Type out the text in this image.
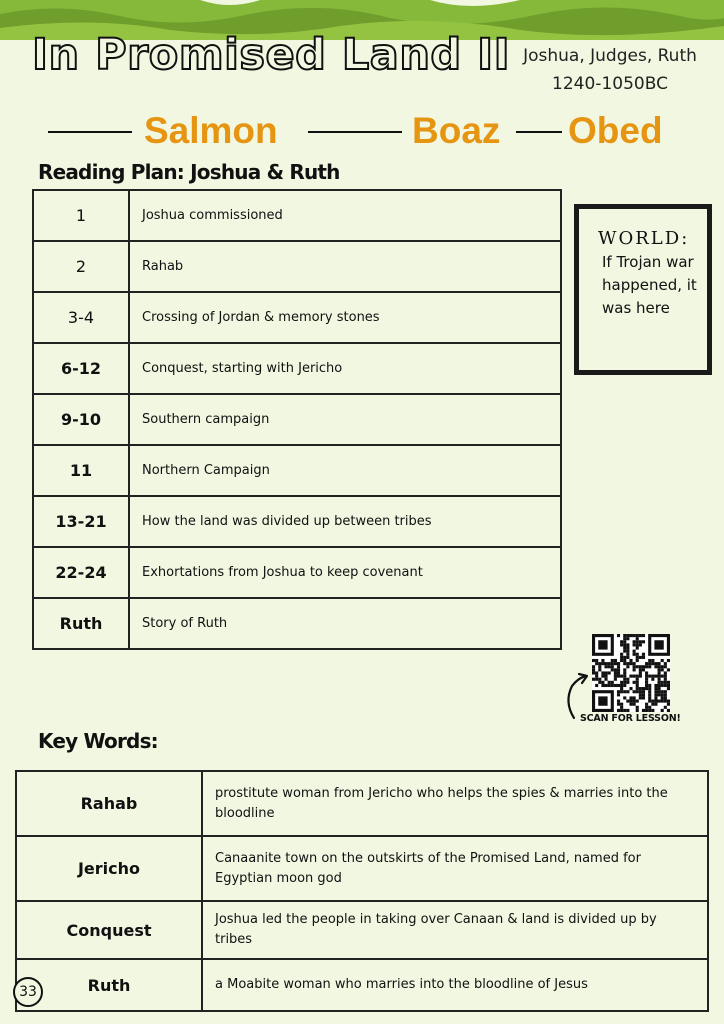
In Promised Land II Joshua, Judges, Ruth
1240-1050BC
Salmon	Boaz Obed
Reading Plan: Joshua & Ruth
1	Joshua commissioned
2	Rahab
3-4	Crossing of Jordan & memory stones
6-12	Conquest, starting with Jericho
9-10	Southern campaign
11	Northern Campaign
13-21	How the land was divided up between tribes
22-24	Exhortations from Joshua to keep covenant
Ruth	Story of Ruth
WORLD:
If Trojan war happened, it was here
SCAN FOR LESSON!
Key Words:
Rahab	prostitute woman from Jericho who helps the spies & marries into the bloodline
Jericho	Canaanite town on the outskirts of the Promised Land, named for Egyptian moon god
Conquest	Joshua led the people in taking over Canaan & land is divided up by tribes
Ruth	a Moabite woman who marries into the bloodline of Jesus
33
